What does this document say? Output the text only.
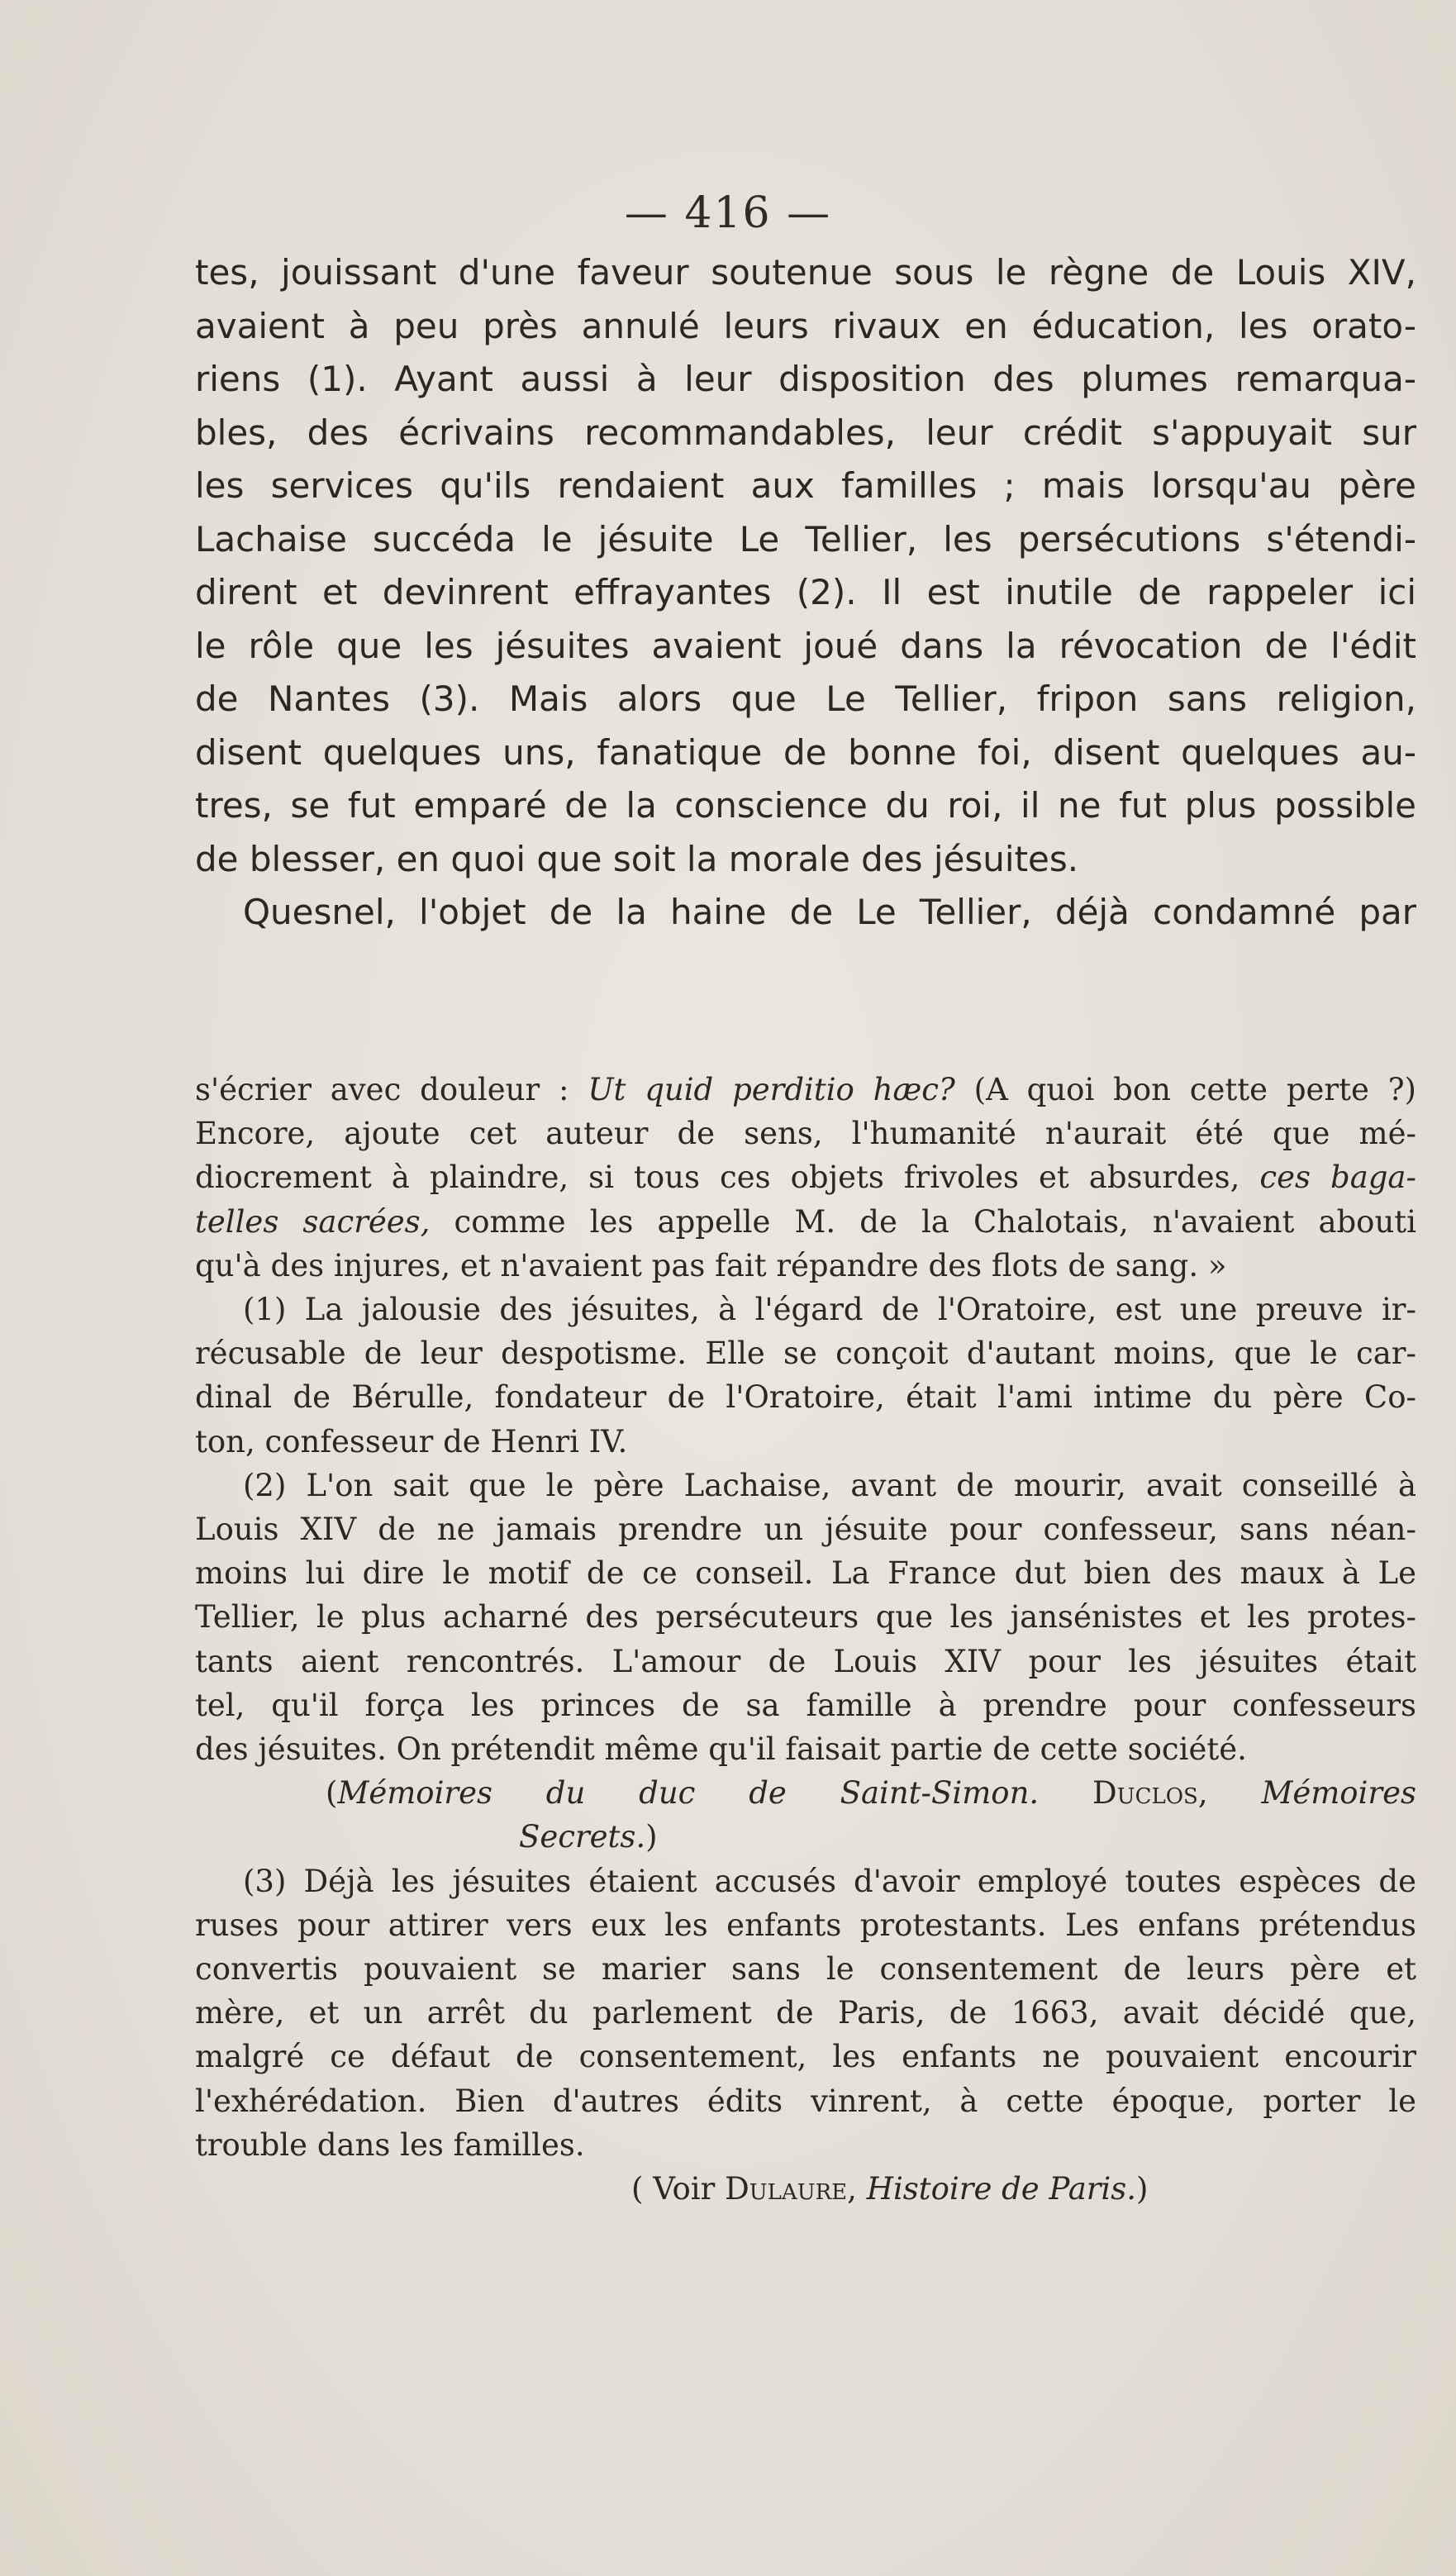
— 416 —
tes, jouissant d'une faveur soutenue sous le règne de Louis XIV,
avaient à peu près annulé leurs rivaux en éducation, les orato-
riens (1). Ayant aussi à leur disposition des plumes remarqua-
bles, des écrivains recommandables, leur crédit s'appuyait sur
les services qu'ils rendaient aux familles ; mais lorsqu'au père
Lachaise succéda le jésuite Le Tellier, les persécutions s'étendi-
dirent et devinrent effrayantes (2). Il est inutile de rappeler ici
le rôle que les jésuites avaient joué dans la révocation de l'édit
de Nantes (3). Mais alors que Le Tellier, fripon sans religion,
disent quelques uns, fanatique de bonne foi, disent quelques au-
tres, se fut emparé de la conscience du roi, il ne fut plus possible
de blesser, en quoi que soit la morale des jésuites.
Quesnel, l'objet de la haine de Le Tellier, déjà condamné par
s'écrier avec douleur : Ut quid perditio hæc? (A quoi bon cette perte ?)
Encore, ajoute cet auteur de sens, l'humanité n'aurait été que mé-
diocrement à plaindre, si tous ces objets frivoles et absurdes, ces baga-
telles sacrées, comme les appelle M. de la Chalotais, n'avaient abouti
qu'à des injures, et n'avaient pas fait répandre des flots de sang. »
(1) La jalousie des jésuites, à l'égard de l'Oratoire, est une preuve ir-
récusable de leur despotisme. Elle se conçoit d'autant moins, que le car-
dinal de Bérulle, fondateur de l'Oratoire, était l'ami intime du père Co-
ton, confesseur de Henri IV.
(2) L'on sait que le père Lachaise, avant de mourir, avait conseillé à
Louis XIV de ne jamais prendre un jésuite pour confesseur, sans néan-
moins lui dire le motif de ce conseil. La France dut bien des maux à Le
Tellier, le plus acharné des persécuteurs que les jansénistes et les protes-
tants aient rencontrés. L'amour de Louis XIV pour les jésuites était
tel, qu'il força les princes de sa famille à prendre pour confesseurs
des jésuites. On prétendit même qu'il faisait partie de cette société.
(Mémoires du duc de Saint-Simon. Duclos, Mémoires
Secrets.)
(3) Déjà les jésuites étaient accusés d'avoir employé toutes espèces de
ruses pour attirer vers eux les enfants protestants. Les enfans prétendus
convertis pouvaient se marier sans le consentement de leurs père et
mère, et un arrêt du parlement de Paris, de 1663, avait décidé que,
malgré ce défaut de consentement, les enfants ne pouvaient encourir
l'exhérédation. Bien d'autres édits vinrent, à cette époque, porter le
trouble dans les familles.
( Voir Dulaure, Histoire de Paris.)
